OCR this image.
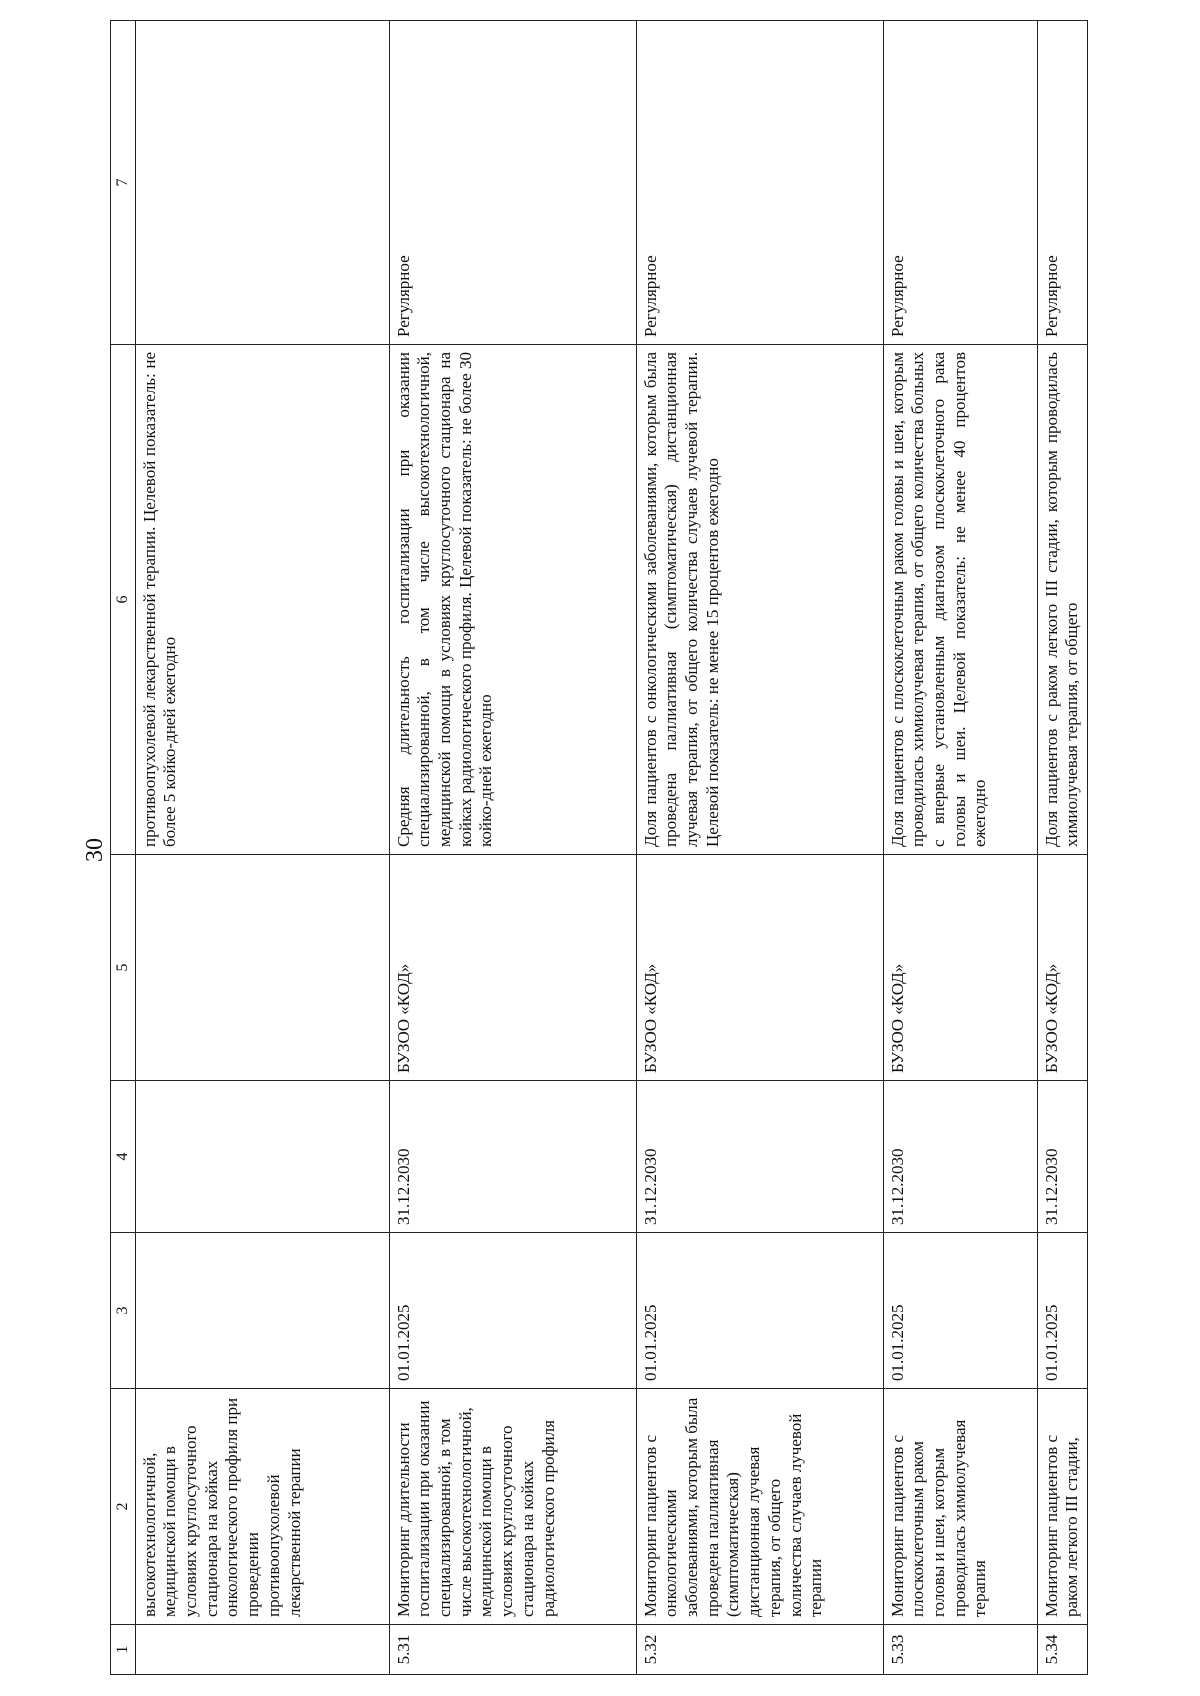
30
1	2	3	4	5	6	7
	высокотехнологичной, медицинской помощи в условиях круглосуточного стационара на койках онкологического профиля при проведении противоопухолевой лекарственной терапии				противоопухолевой лекарственной терапии. Целевой показатель: не более 5 койко-дней ежегодно	
5.31	Мониторинг длительности госпитализации при оказании специализированной, в том числе высокотехнологичной, медицинской помощи в условиях круглосуточного стационара на койках радиологического профиля	01.01.2025	31.12.2030	БУЗОО «КОД»	Средняя длительность госпитализации при оказании специализированной, в том числе высокотехнологичной, медицинской помощи в условиях круглосуточного стационара на койках радиологического профиля. Целевой показатель: не более 30 койко-дней ежегодно	Регулярное
5.32	Мониторинг пациентов с онкологическими заболеваниями, которым была проведена паллиативная (симптоматическая) дистанционная лучевая терапия, от общего количества случаев лучевой терапии	01.01.2025	31.12.2030	БУЗОО «КОД»	Доля пациентов с онкологическими заболеваниями, которым была проведена паллиативная (симптоматическая) дистанционная лучевая терапия, от общего количества случаев лучевой терапии. Целевой показатель: не менее 15 процентов ежегодно	Регулярное
5.33	Мониторинг пациентов с плоскоклеточным раком головы и шеи, которым проводилась химиолучевая терапия	01.01.2025	31.12.2030	БУЗОО «КОД»	Доля пациентов с плоскоклеточным раком головы и шеи, которым проводилась химиолучевая терапия, от общего количества больных с впервые установленным диагнозом плоскоклеточного рака головы и шеи. Целевой показатель: не менее 40 процентов ежегодно	Регулярное
5.34	Мониторинг пациентов с раком легкого III стадии,	01.01.2025	31.12.2030	БУЗОО «КОД»	Доля пациентов с раком легкого III стадии, которым проводилась химиолучевая терапия, от общего	Регулярное
